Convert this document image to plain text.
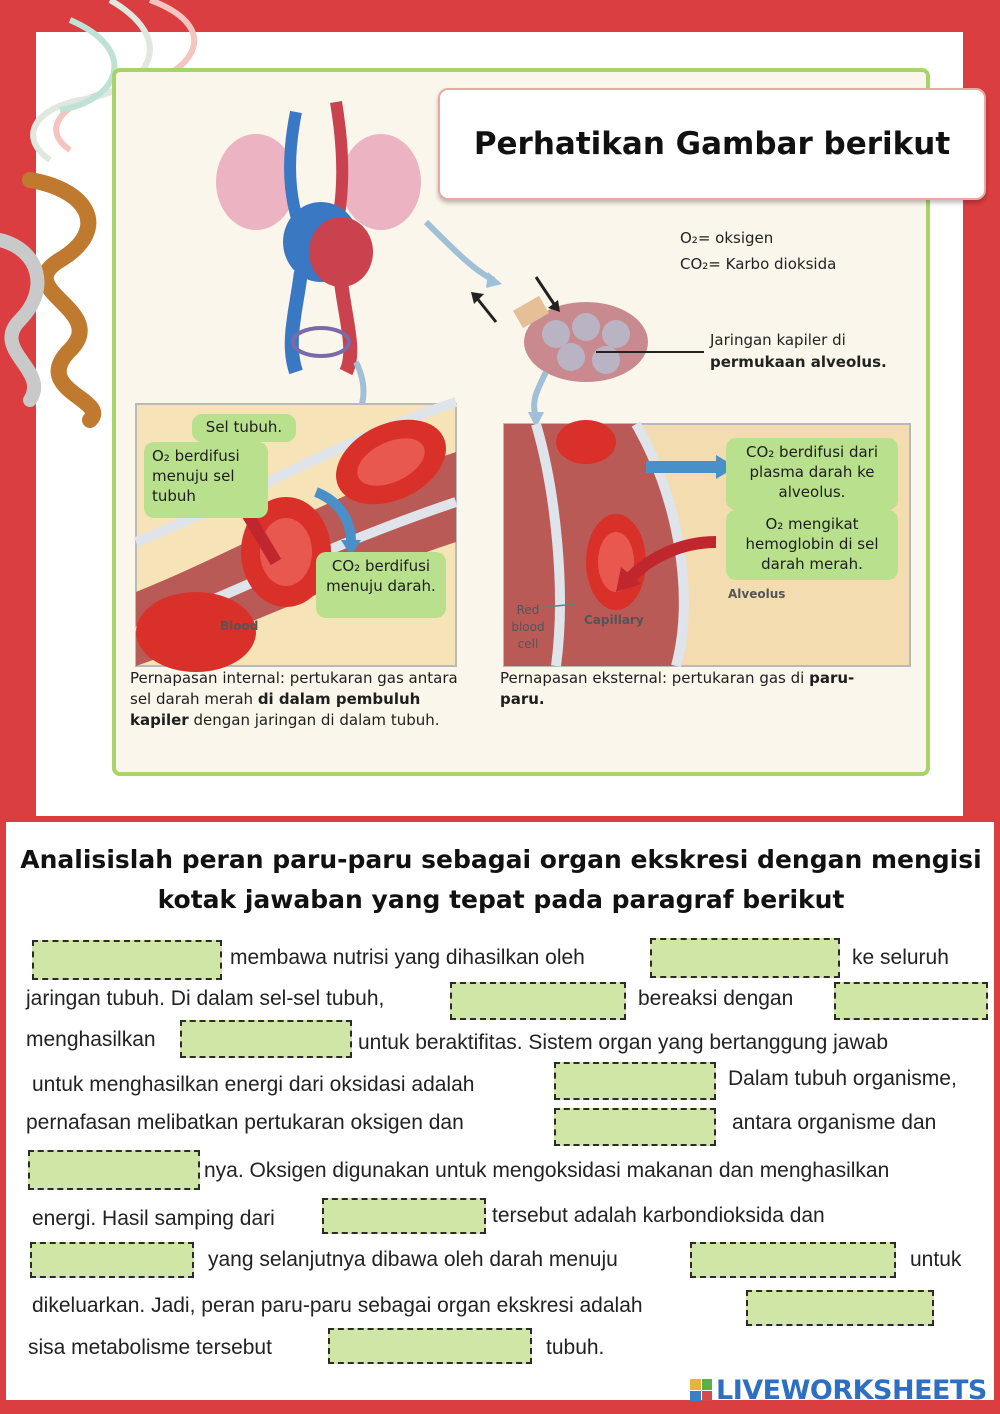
O₂= oksigen
CO₂= Karbo dioksida
Jaringan kapiler di
permukaan alveolus.
Sel tubuh.
O₂ berdifusi menuju sel tubuh
CO₂ berdifusi menuju darah.
Blood
CO₂ berdifusi dari plasma darah ke alveolus.
O₂ mengikat hemoglobin di sel darah merah.
Alveolus
Red blood cell
Capillary
Pernapasan internal: pertukaran gas antara sel darah merah di dalam pembuluh kapiler dengan jaringan di dalam tubuh.
Pernapasan eksternal: pertukaran gas di paru-paru.
Perhatikan Gambar berikut
Analisislah peran paru-paru sebagai organ ekskresi dengan mengisi kotak jawaban yang tepat pada paragraf berikut
membawa nutrisi yang dihasilkan oleh	ke seluruh
jaringan tubuh. Di dalam sel-sel tubuh,	bereaksi dengan
menghasilkan	untuk beraktifitas. Sistem organ yang bertanggung jawab
untuk menghasilkan energi dari oksidasi adalah	Dalam tubuh organisme,
pernafasan melibatkan pertukaran oksigen dan	antara organisme dan
nya. Oksigen digunakan untuk mengoksidasi makanan dan menghasilkan
energi. Hasil samping dari	tersebut adalah karbondioksida dan
yang selanjutnya dibawa oleh darah menuju	untuk
dikeluarkan. Jadi, peran paru-paru sebagai organ ekskresi adalah
sisa metabolisme tersebut	tubuh.
LIVEWORKSHEETS
